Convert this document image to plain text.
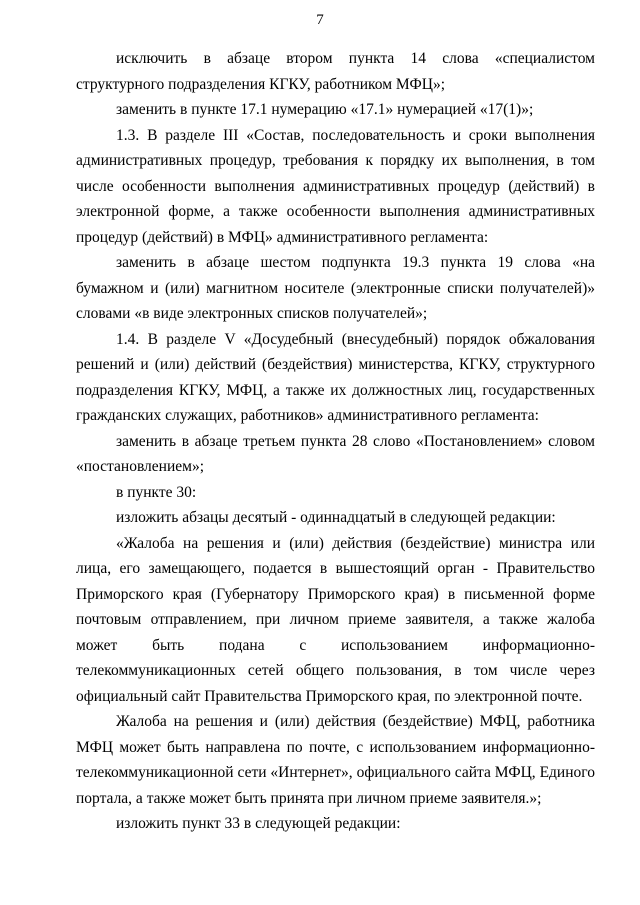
7

исключить в абзаце втором пункта 14 слова «специалистом структурного подразделения КГКУ, работником МФЦ»;

заменить в пункте 17.1 нумерацию «17.1» нумерацией «17(1)»;

1.3. В разделе III «Состав, последовательность и сроки выполнения административных процедур, требования к порядку их выполнения, в том числе особенности выполнения административных процедур (действий) в электронной форме, а также особенности выполнения административных процедур (действий) в МФЦ» административного регламента:

заменить в абзаце шестом подпункта 19.3 пункта 19 слова «на бумажном и (или) магнитном носителе (электронные списки получателей)» словами «в виде электронных списков получателей»;

1.4. В разделе V «Досудебный (внесудебный) порядок обжалования решений и (или) действий (бездействия) министерства, КГКУ, структурного подразделения КГКУ, МФЦ, а также их должностных лиц, государственных гражданских служащих, работников» административного регламента:

заменить в абзаце третьем пункта 28 слово «Постановлением» словом «постановлением»;

в пункте 30:

изложить абзацы десятый - одиннадцатый в следующей редакции:

«Жалоба на решения и (или) действия (бездействие) министра или лица, его замещающего, подается в вышестоящий орган - Правительство Приморского края (Губернатору Приморского края) в письменной форме почтовым отправлением, при личном приеме заявителя, а также жалоба может быть подана с использованием информационно-телекоммуникационных сетей общего пользования, в том числе через официальный сайт Правительства Приморского края, по электронной почте.

Жалоба на решения и (или) действия (бездействие) МФЦ, работника МФЦ может быть направлена по почте, с использованием информационно-телекоммуникационной сети «Интернет», официального сайта МФЦ, Единого портала, а также может быть принята при личном приеме заявителя.»;

изложить пункт 33 в следующей редакции:
